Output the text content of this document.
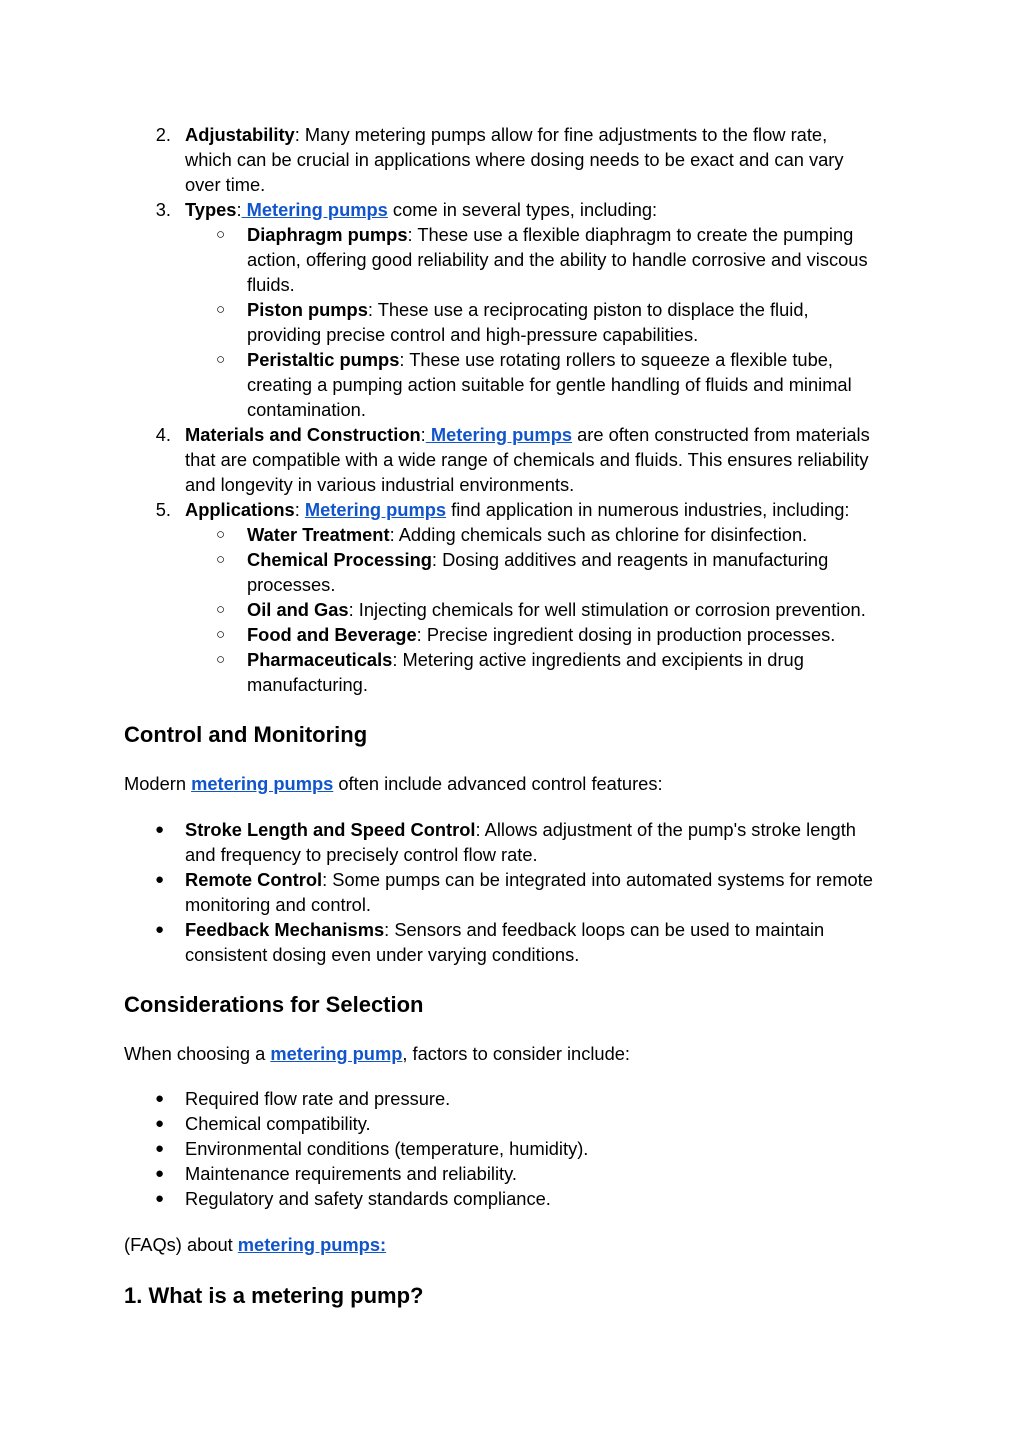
2. Adjustability: Many metering pumps allow for fine adjustments to the flow rate,
which can be crucial in applications where dosing needs to be exact and can vary
over time.
3. Types: Metering pumps come in several types, including:
○ Diaphragm pumps: These use a flexible diaphragm to create the pumping
action, offering good reliability and the ability to handle corrosive and viscous
fluids.
○ Piston pumps: These use a reciprocating piston to displace the fluid,
providing precise control and high-pressure capabilities.
○ Peristaltic pumps: These use rotating rollers to squeeze a flexible tube,
creating a pumping action suitable for gentle handling of fluids and minimal
contamination.
4. Materials and Construction: Metering pumps are often constructed from materials
that are compatible with a wide range of chemicals and fluids. This ensures reliability
and longevity in various industrial environments.
5. Applications: Metering pumps find application in numerous industries, including:
○ Water Treatment: Adding chemicals such as chlorine for disinfection.
○ Chemical Processing: Dosing additives and reagents in manufacturing
processes.
○ Oil and Gas: Injecting chemicals for well stimulation or corrosion prevention.
○ Food and Beverage: Precise ingredient dosing in production processes.
○ Pharmaceuticals: Metering active ingredients and excipients in drug
manufacturing.
Control and Monitoring
Modern metering pumps often include advanced control features:
● Stroke Length and Speed Control: Allows adjustment of the pump's stroke length
and frequency to precisely control flow rate.
● Remote Control: Some pumps can be integrated into automated systems for remote
monitoring and control.
● Feedback Mechanisms: Sensors and feedback loops can be used to maintain
consistent dosing even under varying conditions.
Considerations for Selection
When choosing a metering pump, factors to consider include:
● Required flow rate and pressure.
● Chemical compatibility.
● Environmental conditions (temperature, humidity).
● Maintenance requirements and reliability.
● Regulatory and safety standards compliance.
(FAQs) about metering pumps:
1. What is a metering pump?
